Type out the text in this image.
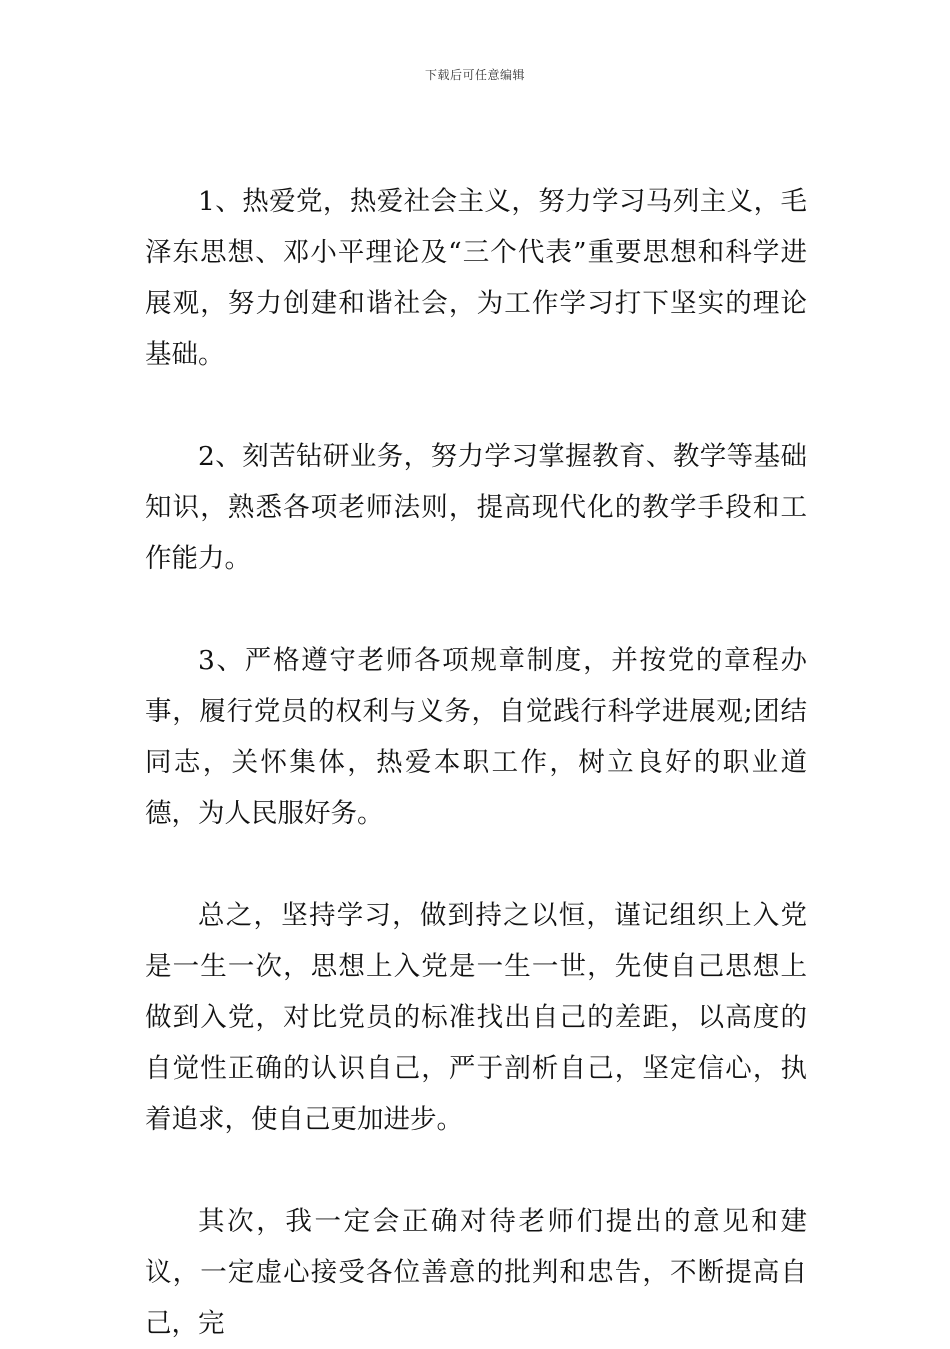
下载后可任意编辑

1、热爱党，热爱社会主义，努力学习马列主义，毛泽东思想、邓小平理论及“三个代表”重要思想和科学进展观，努力创建和谐社会，为工作学习打下坚实的理论基础。

2、刻苦钻研业务，努力学习掌握教育、教学等基础知识，熟悉各项老师法则，提高现代化的教学手段和工作能力。

3、严格遵守老师各项规章制度，并按党的章程办事，履行党员的权利与义务，自觉践行科学进展观;团结同志，关怀集体，热爱本职工作，树立良好的职业道德，为人民服好务。

总之，坚持学习，做到持之以恒，谨记组织上入党是一生一次，思想上入党是一生一世，先使自己思想上做到入党，对比党员的标准找出自己的差距，以高度的自觉性正确的认识自己，严于剖析自己，坚定信心，执着追求，使自己更加进步。

其次，我一定会正确对待老师们提出的意见和建议，一定虚心接受各位善意的批判和忠告，不断提高自己，完
